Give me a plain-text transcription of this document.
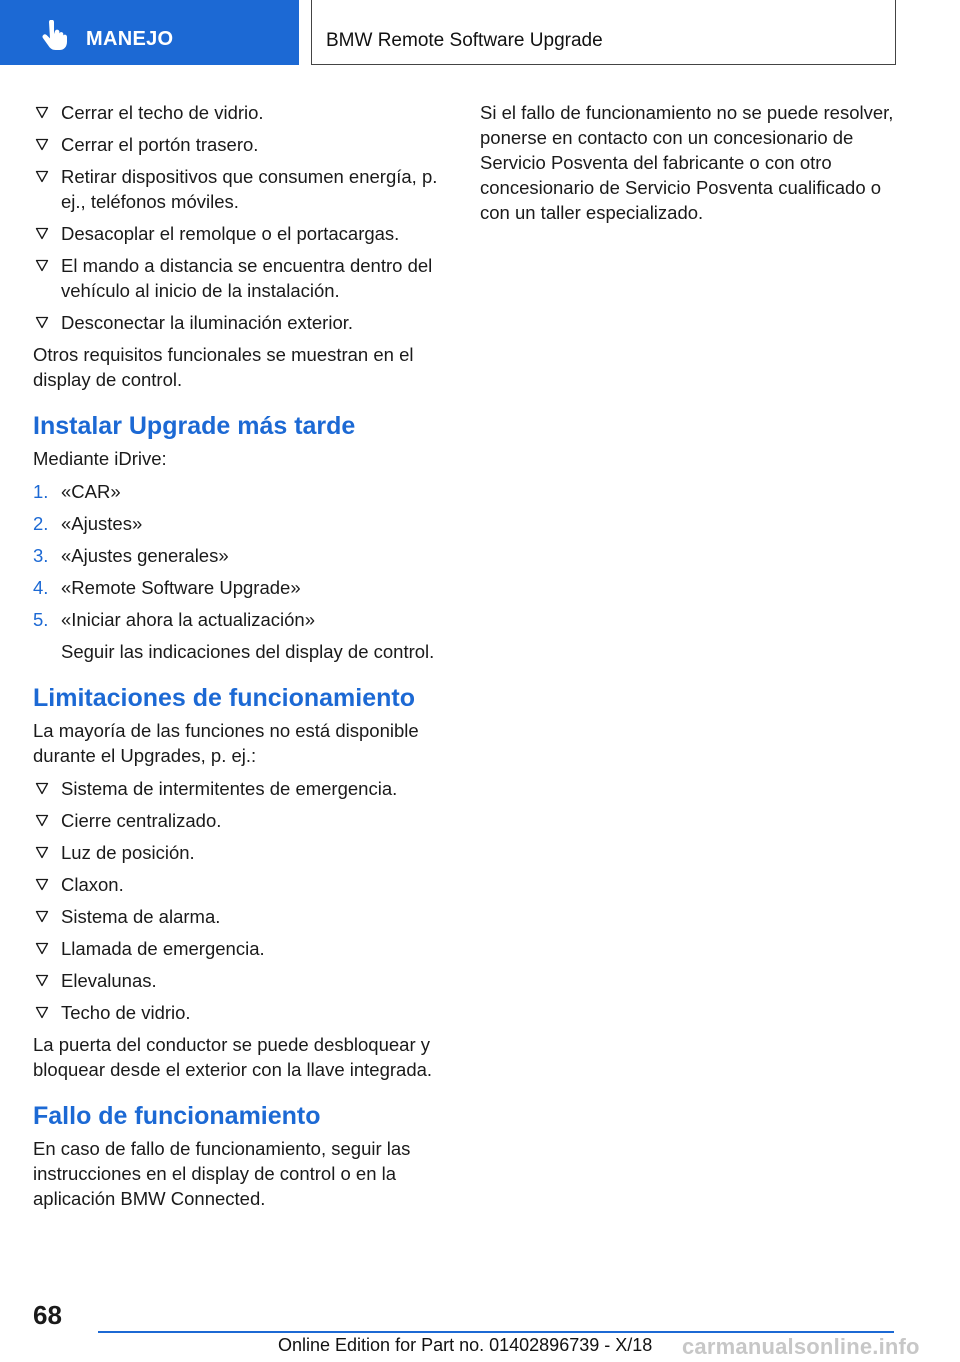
MANEJO	BMW Remote Software Upgrade
Cerrar el techo de vidrio.
Cerrar el portón trasero.
Retirar dispositivos que consumen energía, p. ej., teléfonos móviles.
Desacoplar el remolque o el portacargas.
El mando a distancia se encuentra dentro del vehículo al inicio de la instalación.
Desconectar la iluminación exterior.

Otros requisitos funcionales se muestran en el display de control.

Instalar Upgrade más tarde

Mediante iDrive:

1. «CAR»
2. «Ajustes»
3. «Ajustes generales»
4. «Remote Software Upgrade»
5. «Iniciar ahora la actualización»
Seguir las indicaciones del display de control.
Limitaciones de funcionamiento

La mayoría de las funciones no está disponible durante el Upgrades, p. ej.:

Sistema de intermitentes de emergencia.
Cierre centralizado.
Luz de posición.
Claxon.
Sistema de alarma.
Llamada de emergencia.
Elevalunas.
Techo de vidrio.

La puerta del conductor se puede desbloquear y bloquear desde el exterior con la llave integrada.

Fallo de funcionamiento

En caso de fallo de funcionamiento, seguir las instrucciones en el display de control o en la aplicación BMW Connected.

Si el fallo de funcionamiento no se puede resolver, ponerse en contacto con un concesionario de Servicio Posventa del fabricante o con otro concesionario de Servicio Posventa cualificado o con un taller especializado.

68
Online Edition for Part no. 01402896739 - X/18 carmanualsonline.info
